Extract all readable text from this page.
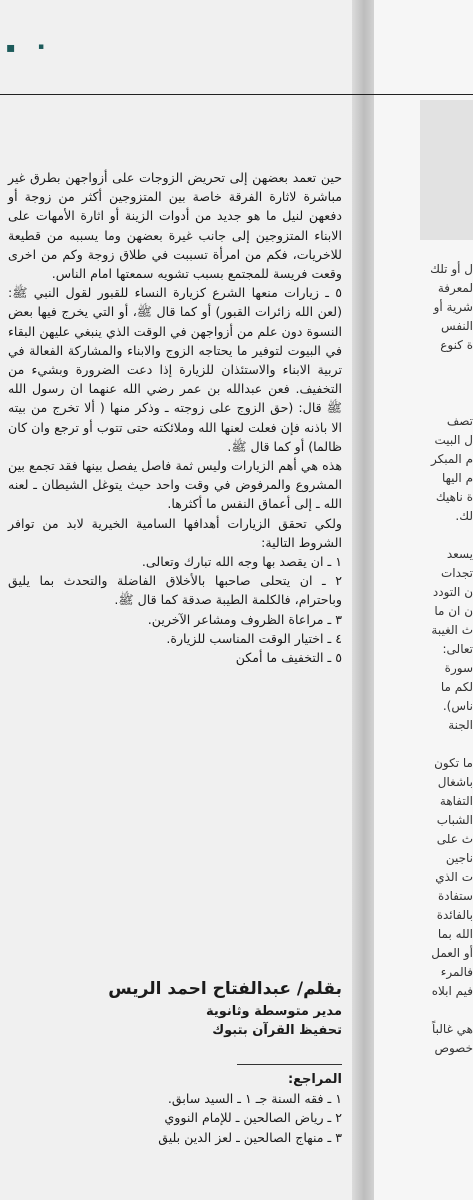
▪	▪
ل أو تلك
لمعرفة
شرية أو
النفس
ة كنوع
تصف
ل البيت
م المبكر
م اليها
ة ناهيك
لك.
يسعد
تجدات
ن التودد
ن ان ما
ث الغيبة
تعالى:
سورة
لكم ما
ناس).
الجنة
ما تكون
باشغال
التفاهة
الشباب
ث على
ناجين
ت الذي
ستفادة
بالفائدة
الله بما
أو العمل
فالمرء
فيم ابلاه
هي غالباً
خصوص

حين تعمد بعضهن إلى تحريض الزوجات على أزواجهن بطرق غير مباشرة لاثارة الفرقة خاصة بين المتزوجين أكثر من زوجة أو دفعهن لنيل ما هو جديد من أدوات الزينة أو اثارة الأمهات على الابناء المتزوجين إلى جانب غيرة بعضهن وما يسببه من قطيعة للاخريات، فكم من امرأة تسببت في طلاق زوجة وكم من اخرى وقعت فريسة للمجتمع بسبب تشويه سمعتها امام الناس.

٥ ـ زيارات منعها الشرع كزيارة النساء للقبور لقول النبي ﷺ: (لعن الله زائرات القبور) أو كما قال ﷺ، أو التي يخرج فيها بعض النسوة دون علم من أزواجهن في الوقت الذي ينبغي عليهن البقاء في البيوت لتوفير ما يحتاجه الزوج والابناء والمشاركة الفعالة في تربية الابناء والاستئذان للزيارة إذا دعت الضرورة وبشيء من التخفيف. فعن عبدالله بن عمر رضي الله عنهما ان رسول الله ﷺ قال: (حق الزوج على زوجته ـ وذكر منها ( ألا تخرج من بيته الا باذنه فإن فعلت لعنها الله وملائكته حتى تتوب أو ترجع وان كان ظالما) أو كما قال ﷺ.

هذه هي أهم الزيارات وليس ثمة فاصل يفصل بينها فقد تجمع بين المشروع والمرفوض في وقت واحد حيث يتوغل الشيطان ـ لعنه الله ـ إلى أعماق النفس ما أكثرها.

ولكي تحقق الزيارات أهدافها السامية الخيرية لابد من توافر الشروط التالية:

١ ـ ان يقصد بها وجه الله تبارك وتعالى.
٢ ـ ان يتحلى صاحبها بالأخلاق الفاضلة والتحدث بما يليق وباحترام، فالكلمة الطيبة صدقة كما قال ﷺ.
٣ ـ مراعاة الظروف ومشاعر الآخرين.
٤ ـ اختيار الوقت المناسب للزيارة.
٥ ـ التخفيف ما أمكن
بقلم/ عبدالفتاح احمد الريس
مدير متوسطة وثانوية
تحفيظ القرآن بتبوك
المراجع:
١ ـ فقه السنة جـ ١ ـ السيد سابق.
٢ ـ رياض الصالحين ـ للإمام النووي
٣ ـ منهاج الصالحين ـ لعز الدين بليق
